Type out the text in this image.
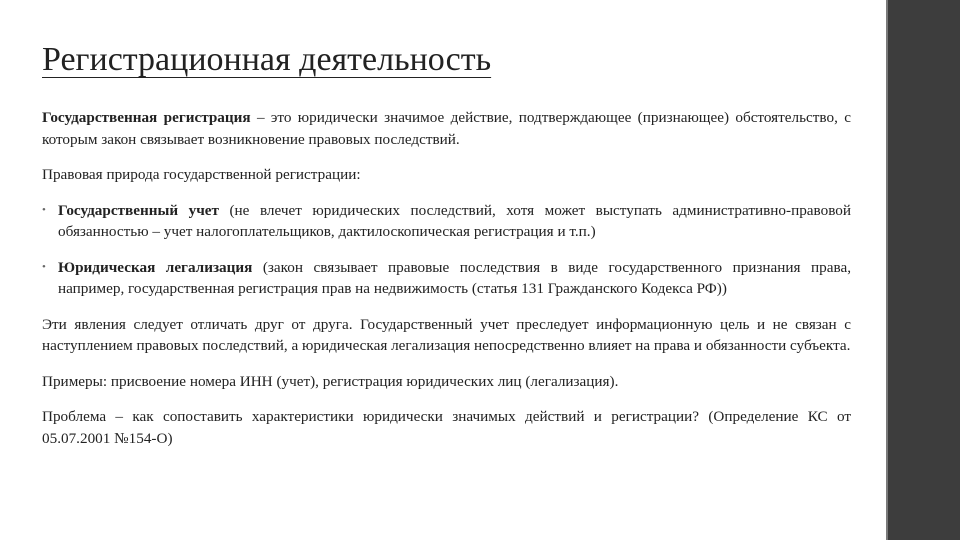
Регистрационная деятельность

Государственная регистрация – это юридически значимое действие, подтверждающее (признающее) обстоятельство, с которым закон связывает возникновение правовых последствий.

Правовая природа государственной регистрации:

• Государственный учет (не влечет юридических последствий, хотя может выступать административно-правовой обязанностью – учет налогоплательщиков, дактилоскопическая регистрация и т.п.)
• Юридическая легализация (закон связывает правовые последствия в виде государственного признания права, например, государственная регистрация прав на недвижимость (статья 131 Гражданского Кодекса РФ))

Эти явления следует отличать друг от друга. Государственный учет преследует информационную цель и не связан с наступлением правовых последствий, а юридическая легализация непосредственно влияет на права и обязанности субъекта.

Примеры: присвоение номера ИНН (учет), регистрация юридических лиц (легализация).

Проблема – как сопоставить характеристики юридически значимых действий и регистрации? (Определение КС от 05.07.2001 №154-О)
